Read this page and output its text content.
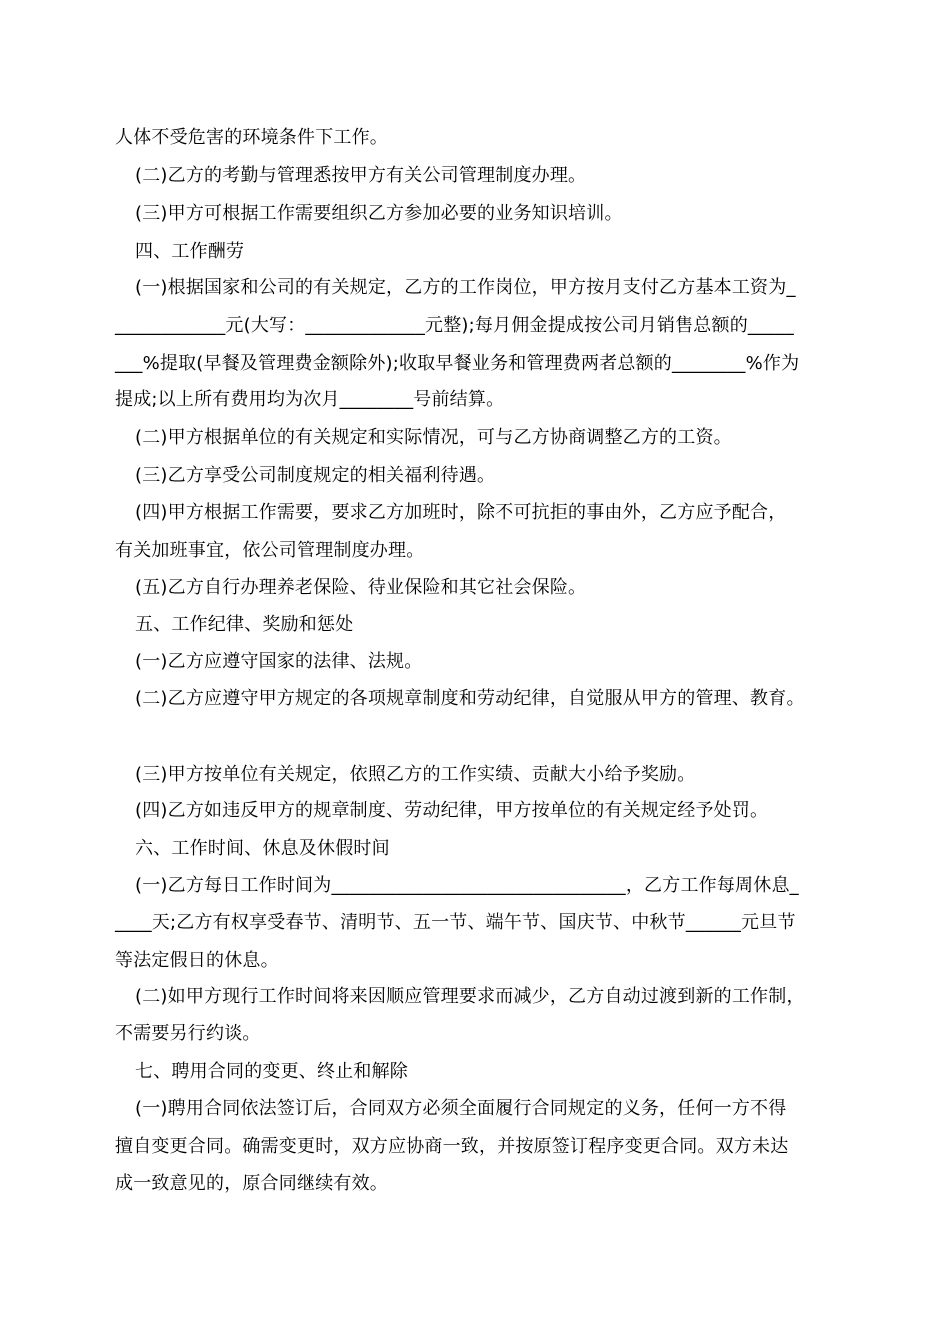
人体不受危害的环境条件下工作。
(二)乙方的考勤与管理悉按甲方有关公司管理制度办理。
(三)甲方可根据工作需要组织乙方参加必要的业务知识培训。
四、工作酬劳
(一)根据国家和公司的有关规定，乙方的工作岗位，甲方按月支付乙方基本工资为_
____________元(大写：_____________元整);每月佣金提成按公司月销售总额的_____
___%提取(早餐及管理费金额除外);收取早餐业务和管理费两者总额的________%作为
提成;以上所有费用均为次月________号前结算。
(二)甲方根据单位的有关规定和实际情况，可与乙方协商调整乙方的工资。
(三)乙方享受公司制度规定的相关福利待遇。
(四)甲方根据工作需要，要求乙方加班时，除不可抗拒的事由外，乙方应予配合，
有关加班事宜，依公司管理制度办理。
(五)乙方自行办理养老保险、待业保险和其它社会保险。
五、工作纪律、奖励和惩处
(一)乙方应遵守国家的法律、法规。
(二)乙方应遵守甲方规定的各项规章制度和劳动纪律，自觉服从甲方的管理、教育。
(三)甲方按单位有关规定，依照乙方的工作实绩、贡献大小给予奖励。
(四)乙方如违反甲方的规章制度、劳动纪律，甲方按单位的有关规定经予处罚。
六、工作时间、休息及休假时间
(一)乙方每日工作时间为________________________________，乙方工作每周休息_
____天;乙方有权享受春节、清明节、五一节、端午节、国庆节、中秋节______元旦节
等法定假日的休息。
(二)如甲方现行工作时间将来因顺应管理要求而减少，乙方自动过渡到新的工作制，
不需要另行约谈。
七、聘用合同的变更、终止和解除
(一)聘用合同依法签订后，合同双方必须全面履行合同规定的义务，任何一方不得
擅自变更合同。确需变更时，双方应协商一致，并按原签订程序变更合同。双方未达
成一致意见的，原合同继续有效。
